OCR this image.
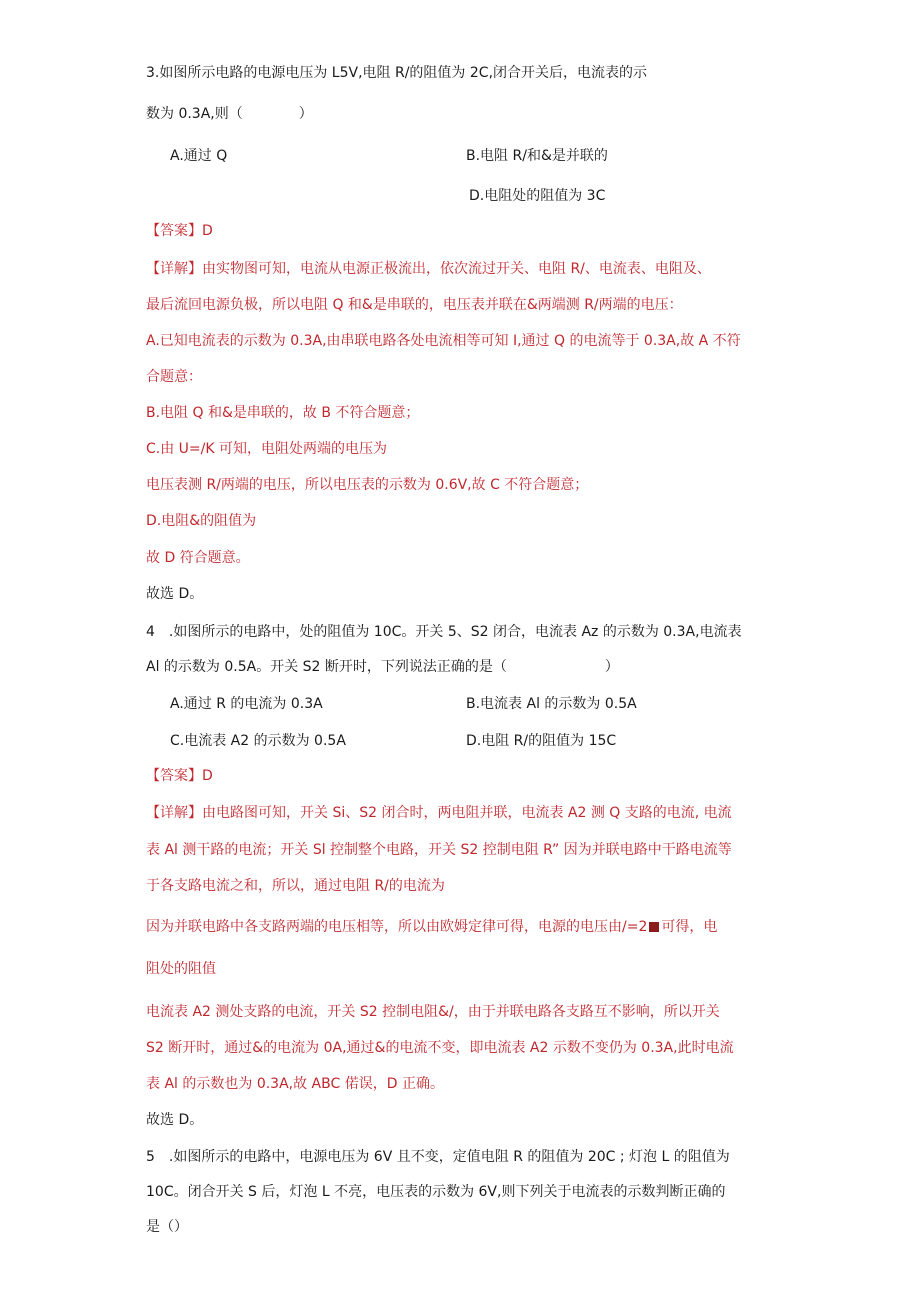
3.如图所示电路的电源电压为 L5V,电阻 R/的阻值为 2C,闭合开关后，电流表的示
数为 0.3A,则（　　　　）
A.通过 Q	B.电阻 R/和&是并联的
D.电阻处的阻值为 3C
【答案】D
【详解】由实物图可知，电流从电源正极流出，依次流过开关、电阻 R/、电流表、电阻及、
最后流回电源负极，所以电阻 Q 和&是串联的，电压表并联在&两端测 R/两端的电压：
A.已知电流表的示数为 0.3A,由串联电路各处电流相等可知 I,通过 Q 的电流等于 0.3A,故 A 不符
合题意：
B.电阻 Q 和&是串联的，故 B 不符合题意；
C.由 U=∕K 可知，电阻处两端的电压为
电压表测 R/两端的电压，所以电压表的示数为 0.6V,故 C 不符合题意；
D.电阻&的阻值为
故 D 符合题意。
故选 D。
4　.如图所示的电路中，处的阻值为 10C。开关 5、S2 闭合，电流表 Az 的示数为 0.3A,电流表
Al 的示数为 0.5A。开关 S2 断开时，下列说法正确的是（　　　　　　　）
A.通过 R 的电流为 0.3A	B.电流表 Al 的示数为 0.5A
C.电流表 A2 的示数为 0.5A	D.电阻 R/的阻值为 15C
【答案】D
【详解】由电路图可知，开关 Si、S2 闭合时，两电阻并联，电流表 A2 测 Q 支路的电流, 电流
表 Al 测干路的电流；开关 Sl 控制整个电路，开关 S2 控制电阻 R” 因为并联电路中干路电流等
于各支路电流之和，所以，通过电阻 R/的电流为
因为并联电路中各支路两端的电压相等，所以由欧姆定律可得，电源的电压由/=2 可得，电
阻处的阻值
电流表 A2 测处支路的电流，开关 S2 控制电阻&/，由于并联电路各支路互不影响，所以开关
S2 断开时，通过&的电流为 0A,通过&的电流不变，即电流表 A2 示数不变仍为 0.3A,此时电流
表 Al 的示数也为 0.3A,故 ABC 偌误，D 正确。
故选 D。
5　.如图所示的电路中，电源电压为 6V 且不变，定值电阻 R 的阻值为 20C ; 灯泡 L 的阻值为
10C。闭合开关 S 后，灯泡 L 不亮，电压表的示数为 6V,则下列关于电流表的示数判断正确的
是（）
